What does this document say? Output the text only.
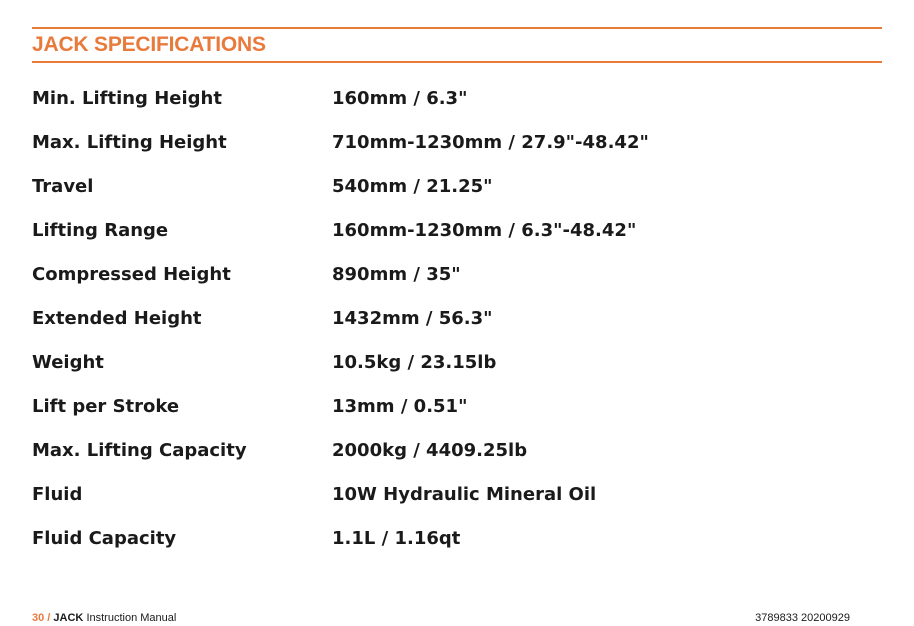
JACK SPECIFICATIONS
Min. Lifting Height	160mm / 6.3"
Max. Lifting Height	710mm-1230mm / 27.9"-48.42"
Travel	540mm / 21.25"
Lifting Range	160mm-1230mm / 6.3"-48.42"
Compressed Height	890mm / 35"
Extended Height	1432mm / 56.3"
Weight	10.5kg / 23.15lb
Lift per Stroke	13mm / 0.51"
Max. Lifting Capacity	2000kg / 4409.25lb
Fluid	10W Hydraulic Mineral Oil
Fluid Capacity	1.1L / 1.16qt
30 / JACK Instruction Manual	3789833 20200929
